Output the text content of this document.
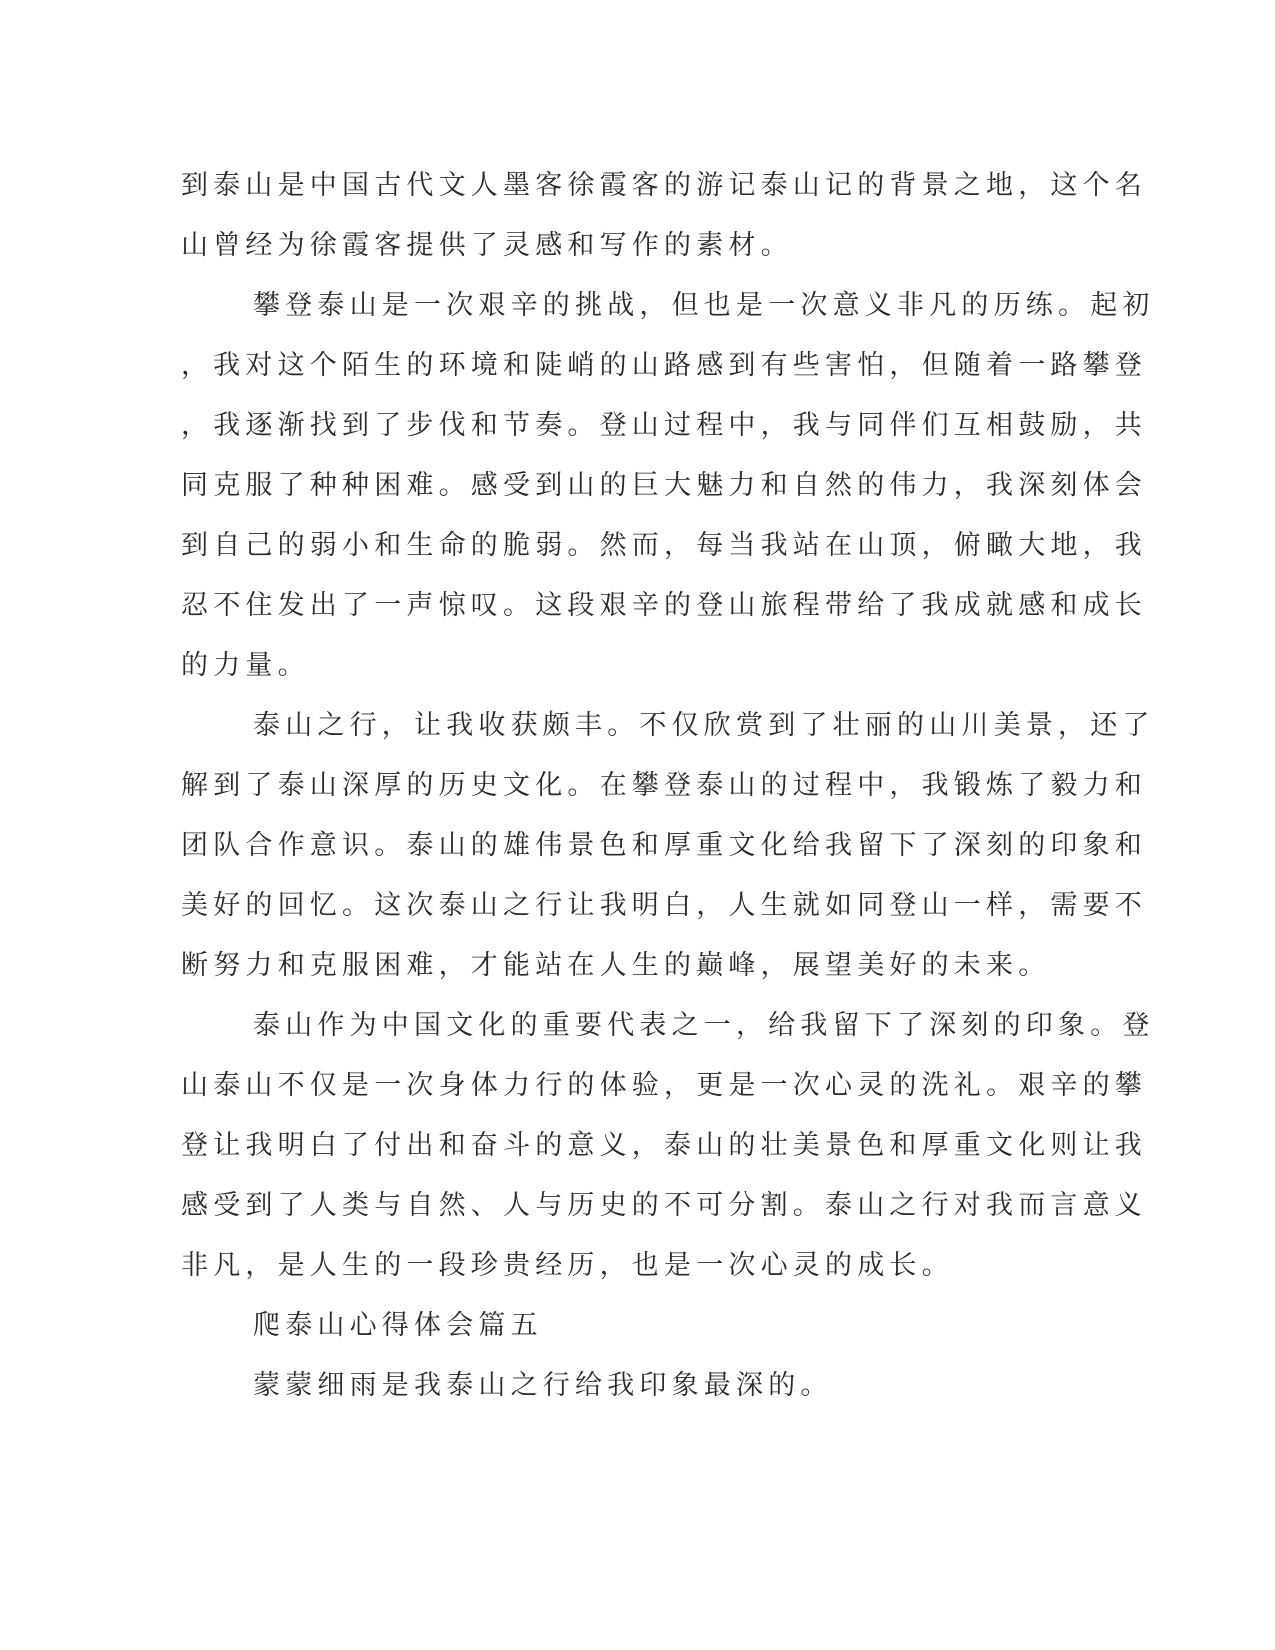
到泰山是中国古代文人墨客徐霞客的游记泰山记的背景之地，这个名
山曾经为徐霞客提供了灵感和写作的素材。
攀登泰山是一次艰辛的挑战，但也是一次意义非凡的历练。起初
，我对这个陌生的环境和陡峭的山路感到有些害怕，但随着一路攀登
，我逐渐找到了步伐和节奏。登山过程中，我与同伴们互相鼓励，共
同克服了种种困难。感受到山的巨大魅力和自然的伟力，我深刻体会
到自己的弱小和生命的脆弱。然而，每当我站在山顶，俯瞰大地，我
忍不住发出了一声惊叹。这段艰辛的登山旅程带给了我成就感和成长
的力量。
泰山之行，让我收获颇丰。不仅欣赏到了壮丽的山川美景，还了
解到了泰山深厚的历史文化。在攀登泰山的过程中，我锻炼了毅力和
团队合作意识。泰山的雄伟景色和厚重文化给我留下了深刻的印象和
美好的回忆。这次泰山之行让我明白，人生就如同登山一样，需要不
断努力和克服困难，才能站在人生的巅峰，展望美好的未来。
泰山作为中国文化的重要代表之一，给我留下了深刻的印象。登
山泰山不仅是一次身体力行的体验，更是一次心灵的洗礼。艰辛的攀
登让我明白了付出和奋斗的意义，泰山的壮美景色和厚重文化则让我
感受到了人类与自然、人与历史的不可分割。泰山之行对我而言意义
非凡，是人生的一段珍贵经历，也是一次心灵的成长。
爬泰山心得体会篇五
蒙蒙细雨是我泰山之行给我印象最深的。
